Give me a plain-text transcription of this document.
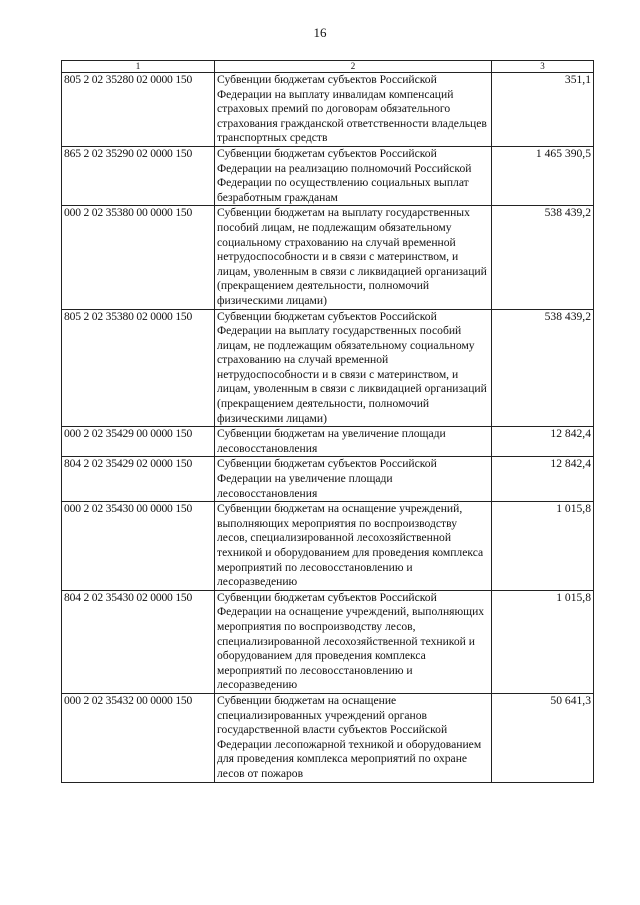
16
1	2	3
805 2 02 35280 02 0000 150	Субвенции бюджетам субъектов Российской Федерации на выплату инвалидам компенсаций страховых премий по договорам обязательного страхования гражданской ответственности владельцев транспортных средств	351,1
865 2 02 35290 02 0000 150	Субвенции бюджетам субъектов Российской Федерации на реализацию полномочий Российской Федерации по осуществлению социальных выплат безработным гражданам	1 465 390,5
000 2 02 35380 00 0000 150	Субвенции бюджетам на выплату государственных пособий лицам, не подлежащим обязательному социальному страхованию на случай временной нетрудоспособности и в связи с материнством, и лицам, уволенным в связи с ликвидацией организаций (прекращением деятельности, полномочий физическими лицами)	538 439,2
805 2 02 35380 02 0000 150	Субвенции бюджетам субъектов Российской Федерации на выплату государственных пособий лицам, не подлежащим обязательному социальному страхованию на случай временной нетрудоспособности и в связи с материнством, и лицам, уволенным в связи с ликвидацией организаций (прекращением деятельности, полномочий физическими лицами)	538 439,2
000 2 02 35429 00 0000 150	Субвенции бюджетам на увеличение площади лесовосстановления	12 842,4
804 2 02 35429 02 0000 150	Субвенции бюджетам субъектов Российской Федерации на увеличение площади лесовосстановления	12 842,4
000 2 02 35430 00 0000 150	Субвенции бюджетам на оснащение учреждений, выполняющих мероприятия по воспроизводству лесов, специализированной лесохозяйственной техникой и оборудованием для проведения комплекса мероприятий по лесовосстановлению и лесоразведению	1 015,8
804 2 02 35430 02 0000 150	Субвенции бюджетам субъектов Российской Федерации на оснащение учреждений, выполняющих мероприятия по воспроизводству лесов, специализированной лесохозяйственной техникой и оборудованием для проведения комплекса мероприятий по лесовосстановлению и лесоразведению	1 015,8
000 2 02 35432 00 0000 150	Субвенции бюджетам на оснащение специализированных учреждений органов государственной власти субъектов Российской Федерации лесопожарной техникой и оборудованием для проведения комплекса мероприятий по охране лесов от пожаров	50 641,3
